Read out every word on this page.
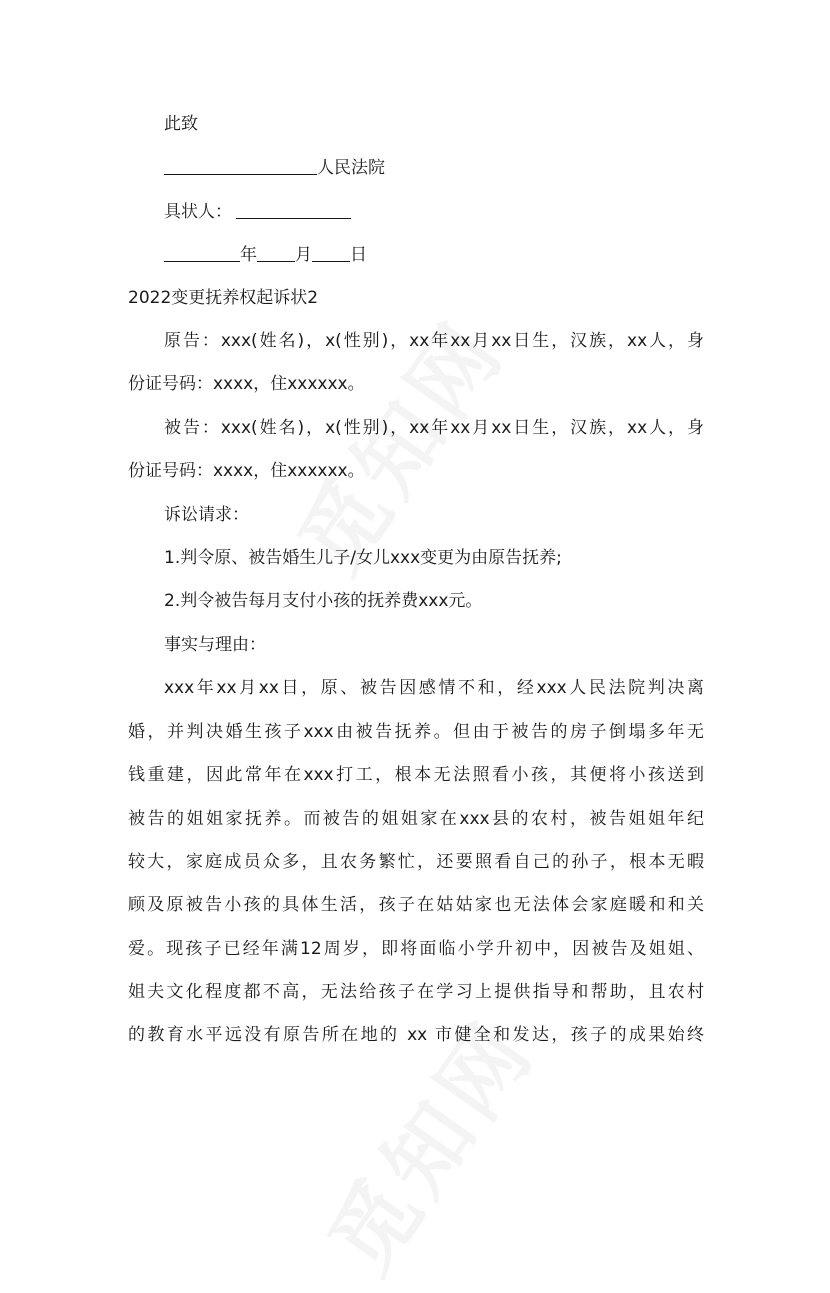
此致
人民法院
具状人：
年 月 日
2022变更抚养权起诉状2
原告：xxx(姓名)，x(性别)，xx年xx月xx日生，汉族，xx人，身
份证号码：xxxx，住xxxxxx。
被告：xxx(姓名)，x(性别)，xx年xx月xx日生，汉族，xx人，身
份证号码：xxxx，住xxxxxx。
诉讼请求：
1.判令原、被告婚生儿子/女儿xxx变更为由原告抚养;
2.判令被告每月支付小孩的抚养费xxx元。
事实与理由：
xxx年xx月xx日，原、被告因感情不和，经xxx人民法院判决离
婚，并判决婚生孩子xxx由被告抚养。但由于被告的房子倒塌多年无
钱重建，因此常年在xxx打工，根本无法照看小孩，其便将小孩送到
被告的姐姐家抚养。而被告的姐姐家在xxx县的农村，被告姐姐年纪
较大，家庭成员众多，且农务繁忙，还要照看自己的孙子，根本无暇
顾及原被告小孩的具体生活，孩子在姑姑家也无法体会家庭暖和和关
爱。现孩子已经年满12周岁，即将面临小学升初中，因被告及姐姐、
姐夫文化程度都不高，无法给孩子在学习上提供指导和帮助，且农村
的教育水平远没有原告所在地的 xx 市健全和发达，孩子的成果始终
